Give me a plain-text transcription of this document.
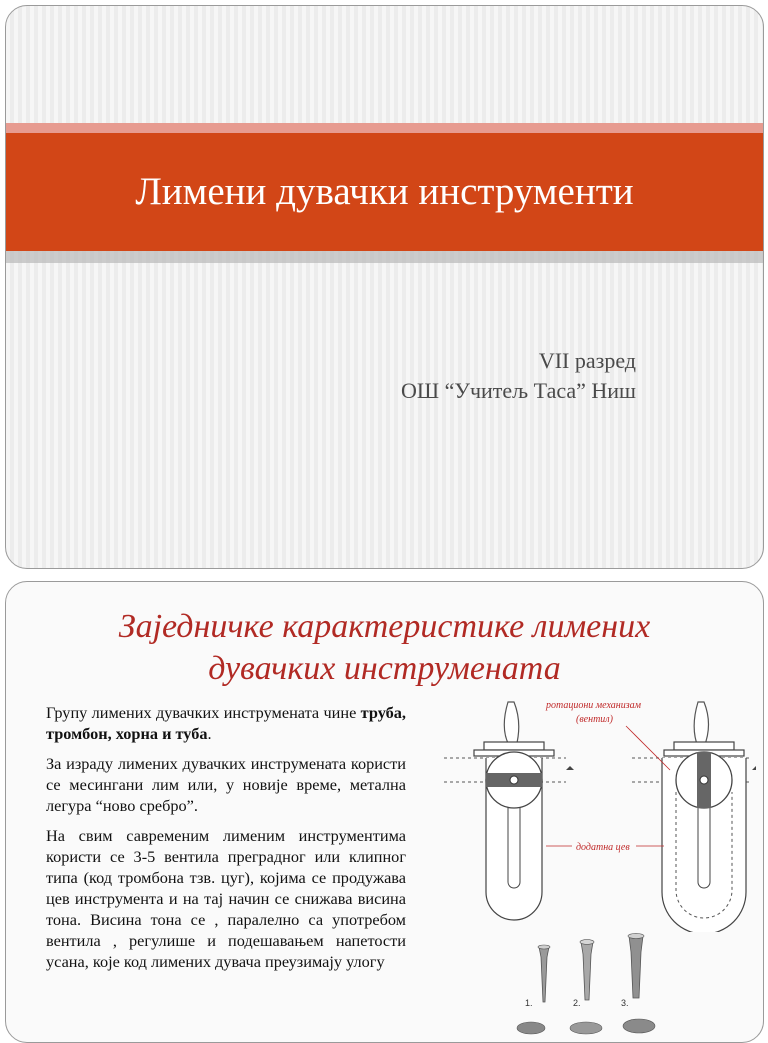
Лимени дувачки инструменти
VII разред
ОШ “Учитељ Таса” Ниш
Заједничке карактеристике лимених
дувачких инструмената

Групу лимених дувачких инструмената чине труба, тромбон, хорна и туба.

За израду лимених дувачких инструмената користи се месингани лим или, у новије време, метална легура “ново сребро”.

На свим савременим лименим инструментима користи се 3-5 вентила преградног или клипног типа (код тромбона тзв. цуг), којима се продужава цев инструмента и на тај начин се снижава висина тона. Висина тона се , паралелно са употребом вентила , регулише и подешавањем напетости усана, које код лимених дувача преузимају улогу

ротациони механизам
(вентил)
додатна цев
1.	2.	3.
